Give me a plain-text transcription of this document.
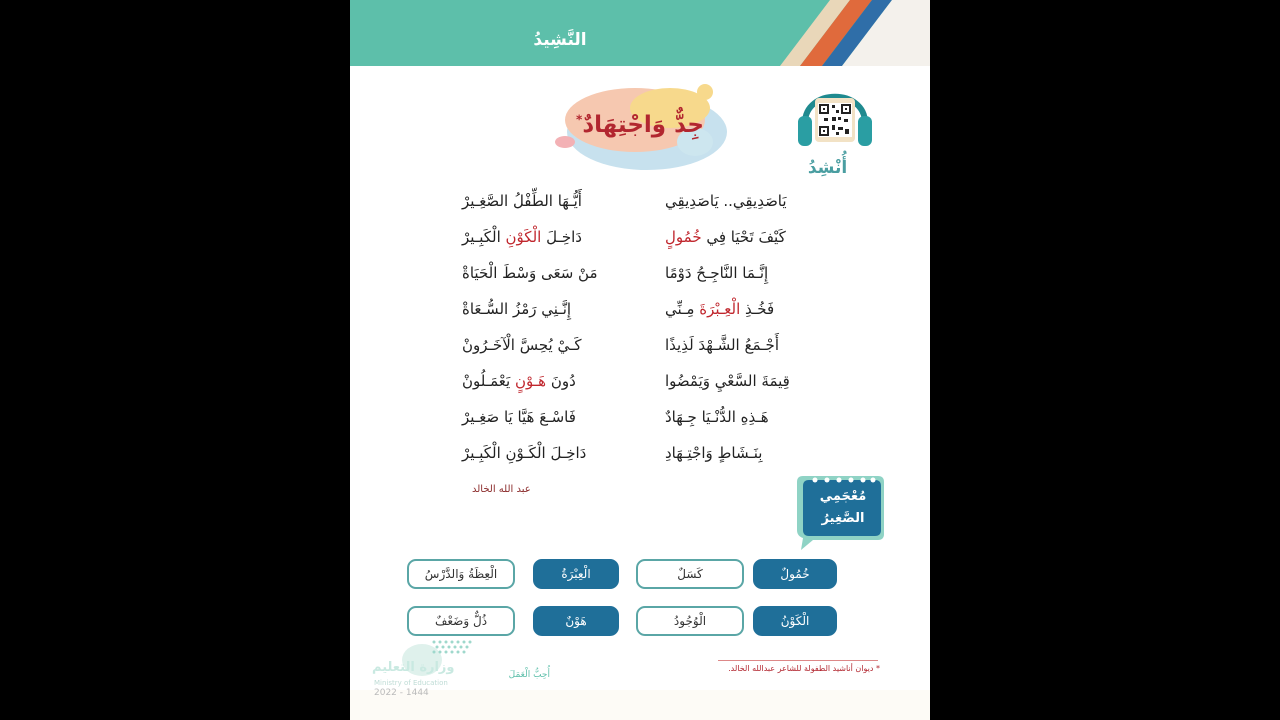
النَّشِيدُ
جِدٌّ وَاجْتِهَادٌ*
أُنْشِدُ
يَاصَدِيقِي.. يَاصَدِيقِي
كَيْفَ تَحْيَا فِي خُمُولٍ
إِنَّـمَا النَّاجِـحُ دَوْمًا
فَخُـذِ الْعِـبْرَةَ مِـنِّي
أَجْـمَعُ الشَّـهْدَ لَذِيذًا
قِيمَةَ السَّعْيِ وَيَمْضُوا
هَـذِهِ الدُّنْـيَا جِـهَادٌ
بِنَـشَاطٍ وَاجْتِـهَادِ
أَيُّـهَا الطِّفْلُ الصَّغِـيرْ
دَاخِـلَ الْكَوْنِ الْكَبِـيرْ
مَنْ سَعَى وَسْطَ الْحَيَاةْ
إِنَّـنِي رَمْزُ السُّـعَاةْ
كَـيْ يُحِسَّ الْآخَـرُونْ
دُونَ هَـوْنٍ يَعْمَـلُونْ
فَاسْـعَ هَيَّا يَا صَغِـيرْ
دَاخِـلَ الْكَـوْنِ الْكَبِـيرْ
عبد الله الخالد	مُعْجَمِي
الصَّغِيرُ
خُمُولٌ
كَسَلٌ
الْعِبْرَةُ
الْعِظَةُ وَالدَّرْسُ
الْكَوْنُ
الْوُجُودُ
هَوْنٌ
ذُلٌّ وَضَعْفٌ
وزارة التعليم
Ministry of Education
2022 - 1444
أُحِبُّ الْعَمَلَ
* ديوان أناشيد الطفولة للشاعر عبدالله الخالد.
